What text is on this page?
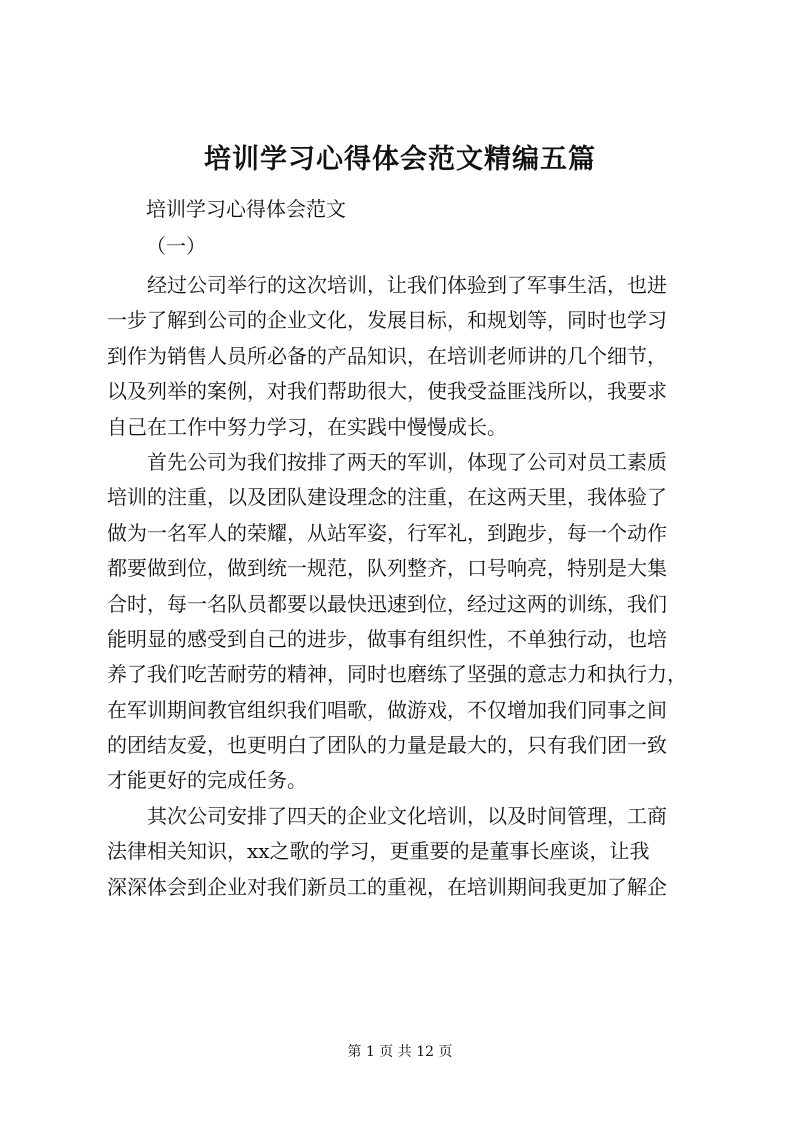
培训学习心得体会范文精编五篇

培训学习心得体会范文

（一）

经过公司举行的这次培训，让我们体验到了军事生活，也进
一步了解到公司的企业文化，发展目标，和规划等，同时也学习
到作为销售人员所必备的产品知识，在培训老师讲的几个细节，
以及列举的案例，对我们帮助很大，使我受益匪浅所以，我要求
自己在工作中努力学习，在实践中慢慢成长。
首先公司为我们按排了两天的军训，体现了公司对员工素质
培训的注重，以及团队建设理念的注重，在这两天里，我体验了
做为一名军人的荣耀，从站军姿，行军礼，到跑步，每一个动作
都要做到位，做到统一规范，队列整齐，口号响亮，特别是大集
合时，每一名队员都要以最快迅速到位，经过这两的训练，我们
能明显的感受到自己的进步，做事有组织性，不单独行动，也培
养了我们吃苦耐劳的精神，同时也磨练了坚强的意志力和执行力，
在军训期间教官组织我们唱歌，做游戏，不仅增加我们同事之间
的团结友爱，也更明白了团队的力量是最大的，只有我们团一致
才能更好的完成任务。
其次公司安排了四天的企业文化培训，以及时间管理，工商
法律相关知识，xx之歌的学习，更重要的是董事长座谈，让我
深深体会到企业对我们新员工的重视，在培训期间我更加了解企
第 1 页 共 12 页
